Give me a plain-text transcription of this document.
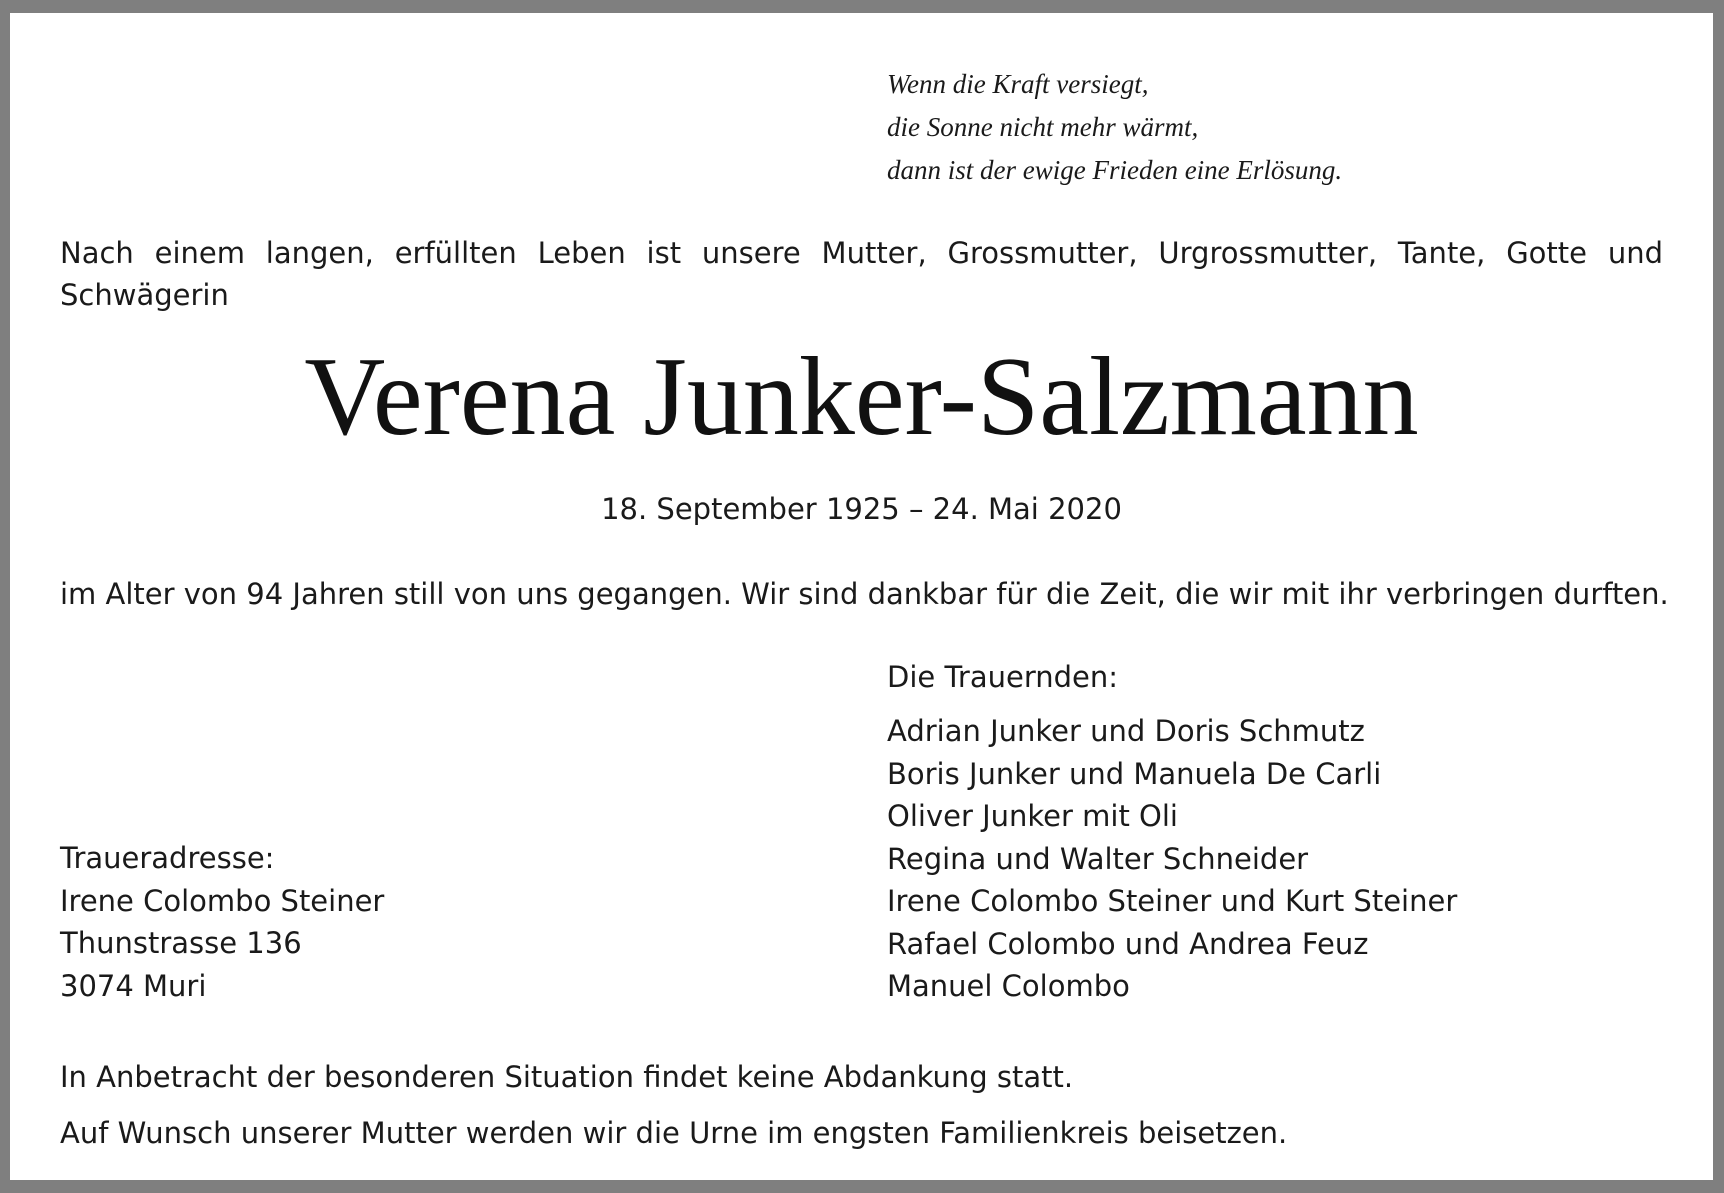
Wenn die Kraft versiegt,
die Sonne nicht mehr wärmt,
dann ist der ewige Frieden eine Erlösung.
Nach einem langen, erfüllten Leben ist unsere Mutter, Grossmutter, Urgrossmutter, Tante, Gotte und Schwägerin
Verena Junker-Salzmann
18. September 1925 – 24. Mai 2020
im Alter von 94 Jahren still von uns gegangen. Wir sind dankbar für die Zeit, die wir mit ihr verbringen durften.
Die Trauernden:
Adrian Junker und Doris Schmutz
Boris Junker und Manuela De Carli
Oliver Junker mit Oli
Regina und Walter Schneider
Irene Colombo Steiner und Kurt Steiner
Rafael Colombo und Andrea Feuz
Manuel Colombo
Traueradresse:
Irene Colombo Steiner
Thunstrasse 136
3074 Muri
In Anbetracht der besonderen Situation findet keine Abdankung statt.
Auf Wunsch unserer Mutter werden wir die Urne im engsten Familienkreis beisetzen.
